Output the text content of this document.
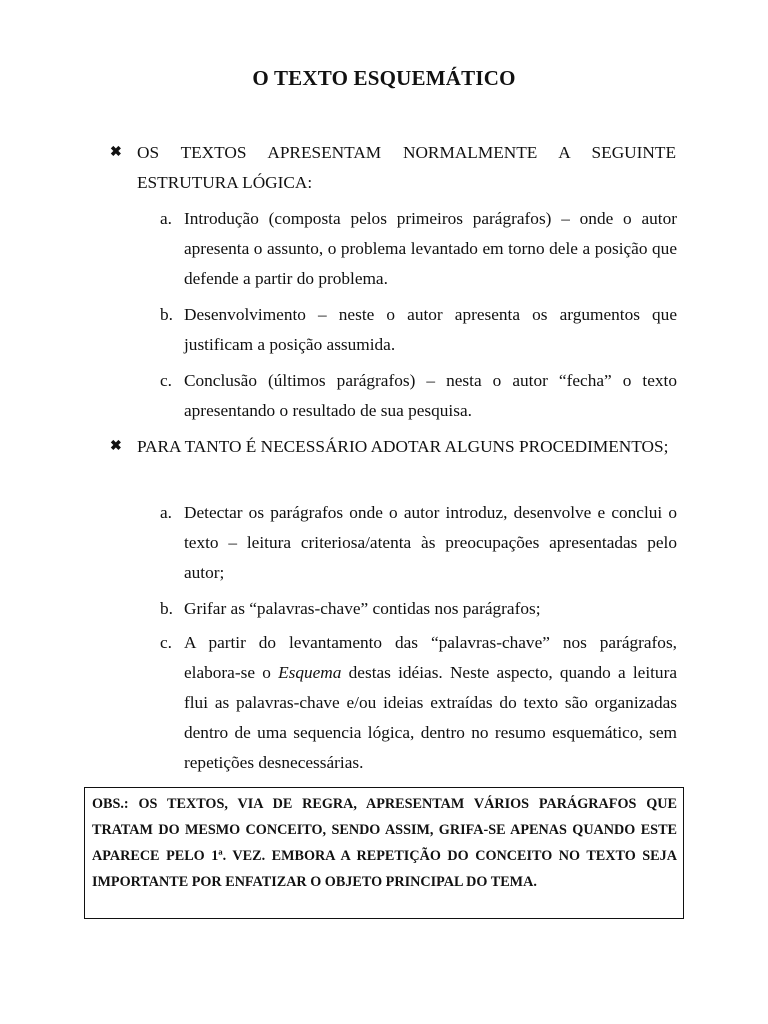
O TEXTO ESQUEMÁTICO
✖ OS TEXTOS APRESENTAM NORMALMENTE A SEGUINTE ESTRUTURA LÓGICA:
a. Introdução (composta pelos primeiros parágrafos) – onde o autor apresenta o assunto, o problema levantado em torno dele a posição que defende a partir do problema.
b. Desenvolvimento – neste o autor apresenta os argumentos que justificam a posição assumida.
c. Conclusão (últimos parágrafos) – nesta o autor “fecha” o texto apresentando o resultado de sua pesquisa.
✖ PARA TANTO É NECESSÁRIO ADOTAR ALGUNS PROCEDIMENTOS;
a. Detectar os parágrafos onde o autor introduz, desenvolve e conclui o texto – leitura criteriosa/atenta às preocupações apresentadas pelo autor;
b. Grifar as “palavras-chave” contidas nos parágrafos;
c. A partir do levantamento das “palavras-chave” nos parágrafos, elabora-se o Esquema destas idéias. Neste aspecto, quando a leitura flui as palavras-chave e/ou ideias extraídas do texto são organizadas dentro de uma sequencia lógica, dentro no resumo esquemático, sem repetições desnecessárias.
OBS.: OS TEXTOS, VIA DE REGRA, APRESENTAM VÁRIOS PARÁGRAFOS QUE TRATAM DO MESMO CONCEITO, SENDO ASSIM, GRIFA-SE APENAS QUANDO ESTE APARECE PELO 1ª. VEZ. EMBORA A REPETIÇÃO DO CONCEITO NO TEXTO SEJA IMPORTANTE POR ENFATIZAR O OBJETO PRINCIPAL DO TEMA.
